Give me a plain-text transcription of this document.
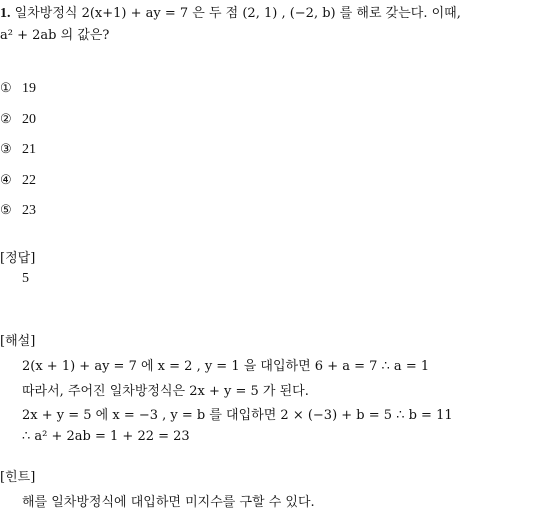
1. 일차방정식 2(x+1) + ay = 7 은 두 점 (2, 1) , (−2, b) 를 해로 갖는다. 이때,
a² + 2ab 의 값은?
① 19
② 20
③ 21
④ 22
⑤ 23
[정답]
5
[해설]
2(x + 1) + ay = 7 에 x = 2 , y = 1 을 대입하면 6 + a = 7 ∴ a = 1
따라서, 주어진 일차방정식은 2x + y = 5 가 된다.
2x + y = 5 에 x = −3 , y = b 를 대입하면 2 × (−3) + b = 5 ∴ b = 11
∴ a² + 2ab = 1 + 22 = 23
[힌트]
해를 일차방정식에 대입하면 미지수를 구할 수 있다.
